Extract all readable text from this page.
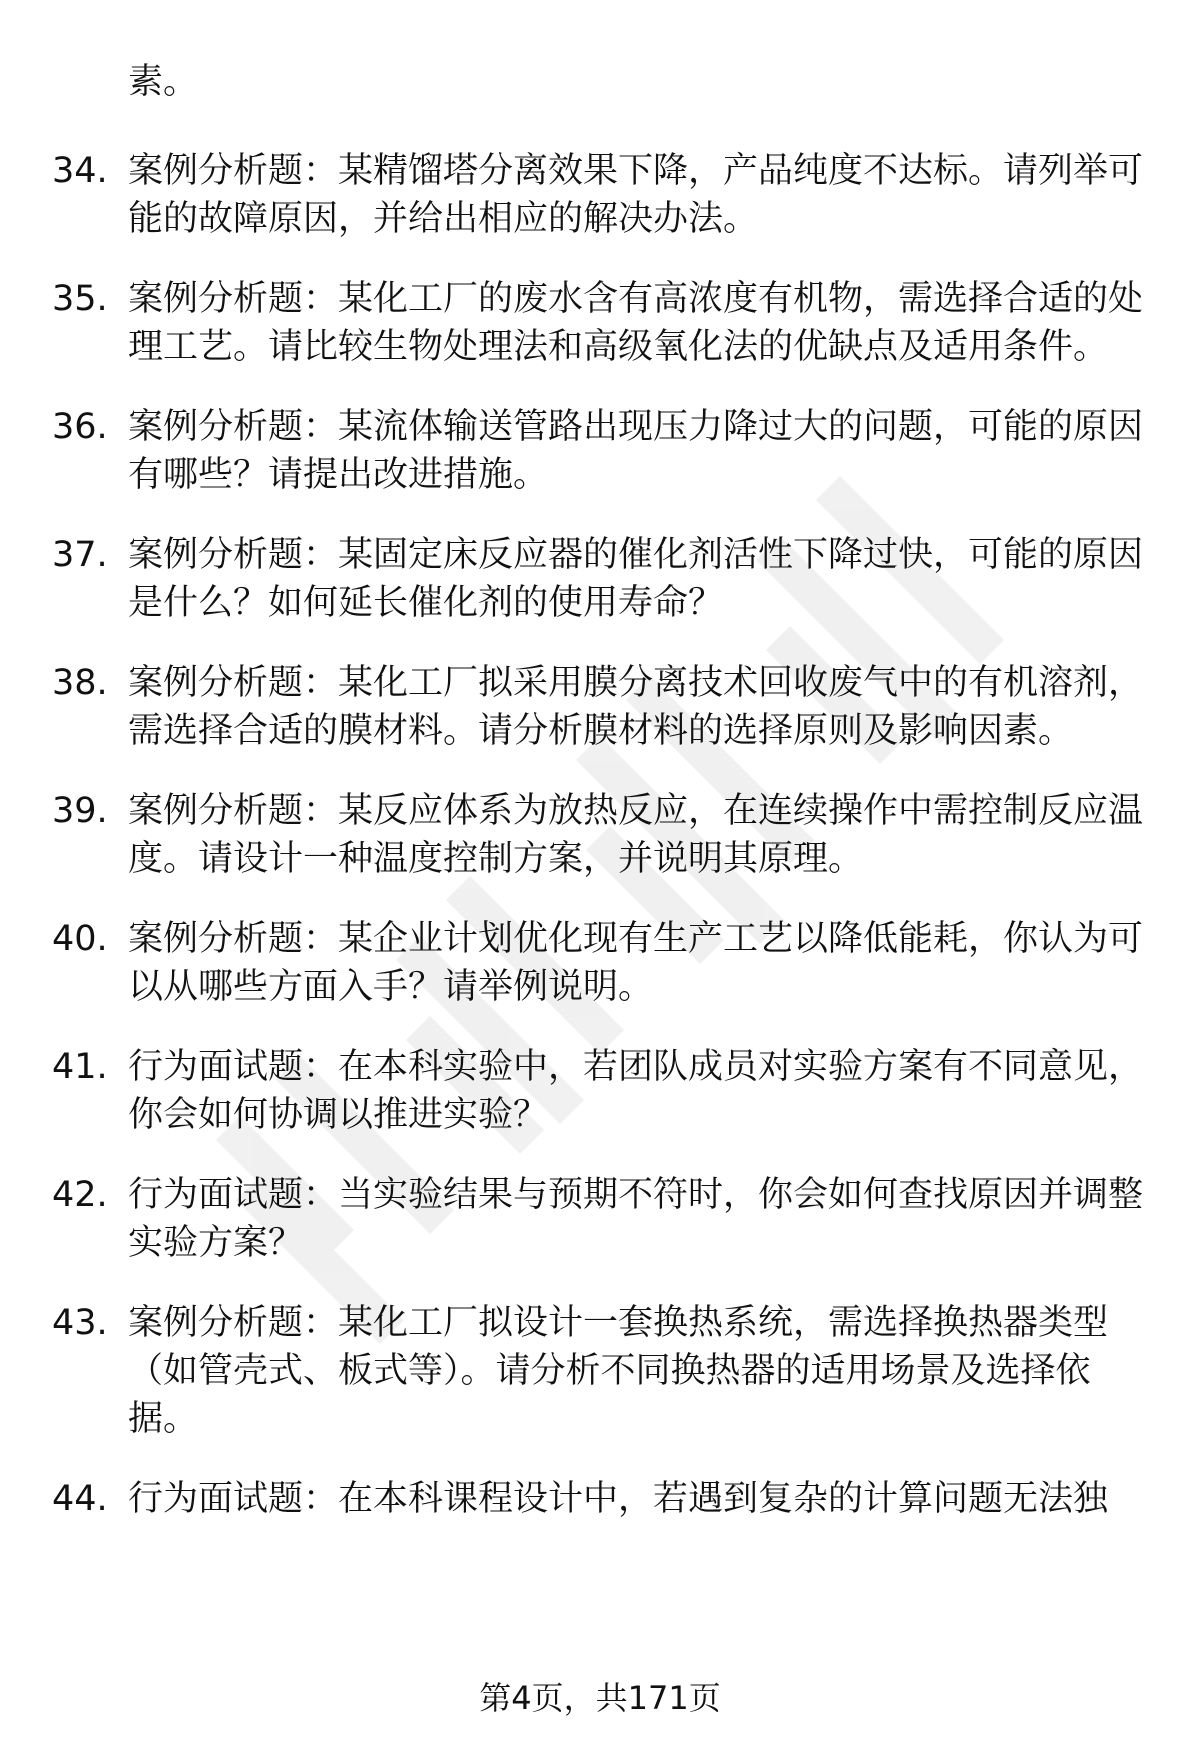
素。

34. 案例分析题：某精馏塔分离效果下降，产品纯度不达标。请列举可能的故障原因，并给出相应的解决办法。
35. 案例分析题：某化工厂的废水含有高浓度有机物，需选择合适的处理工艺。请比较生物处理法和高级氧化法的优缺点及适用条件。
36. 案例分析题：某流体输送管路出现压力降过大的问题，可能的原因有哪些？请提出改进措施。
37. 案例分析题：某固定床反应器的催化剂活性下降过快，可能的原因是什么？如何延长催化剂的使用寿命？
38. 案例分析题：某化工厂拟采用膜分离技术回收废气中的有机溶剂，需选择合适的膜材料。请分析膜材料的选择原则及影响因素。
39. 案例分析题：某反应体系为放热反应，在连续操作中需控制反应温度。请设计一种温度控制方案，并说明其原理。
40. 案例分析题：某企业计划优化现有生产工艺以降低能耗，你认为可以从哪些方面入手？请举例说明。
41. 行为面试题：在本科实验中，若团队成员对实验方案有不同意见，你会如何协调以推进实验？
42. 行为面试题：当实验结果与预期不符时，你会如何查找原因并调整实验方案？
43. 案例分析题：某化工厂拟设计一套换热系统，需选择换热器类型（如管壳式、板式等）。请分析不同换热器的适用场景及选择依据。
44. 行为面试题：在本科课程设计中，若遇到复杂的计算问题无法独

第4页，共171页
